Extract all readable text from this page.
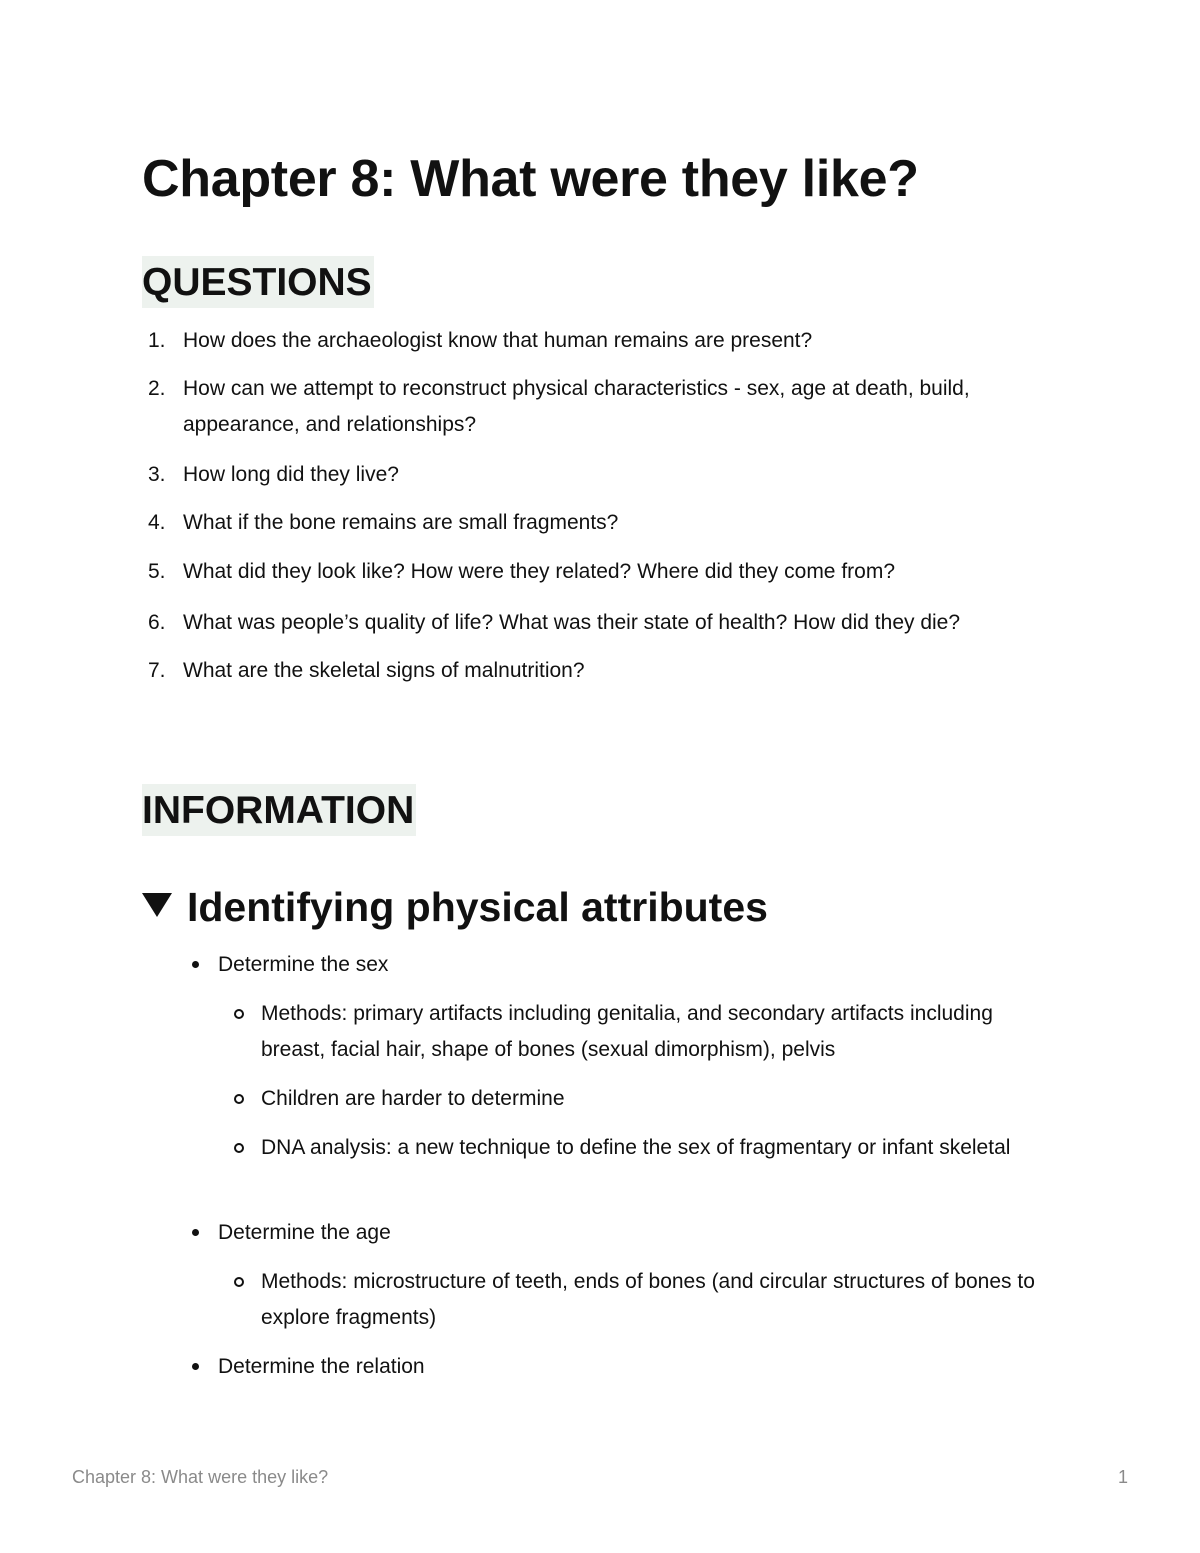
Chapter 8: What were they like?
QUESTIONS
1. How does the archaeologist know that human remains are present?
2. How can we attempt to reconstruct physical characteristics - sex, age at death, build, appearance, and relationships?
3. How long did they live?
4. What if the bone remains are small fragments?
5. What did they look like? How were they related? Where did they come from?
6. What was people’s quality of life? What was their state of health? How did they die?
7. What are the skeletal signs of malnutrition?
INFORMATION
Identifying physical attributes
Determine the sex
Methods: primary artifacts including genitalia, and secondary artifacts including breast, facial hair, shape of bones (sexual dimorphism), pelvis
Children are harder to determine
DNA analysis: a new technique to define the sex of fragmentary or infant skeletal
Determine the age
Methods: microstructure of teeth, ends of bones (and circular structures of bones to explore fragments)
Determine the relation
Chapter 8: What were they like?	1
